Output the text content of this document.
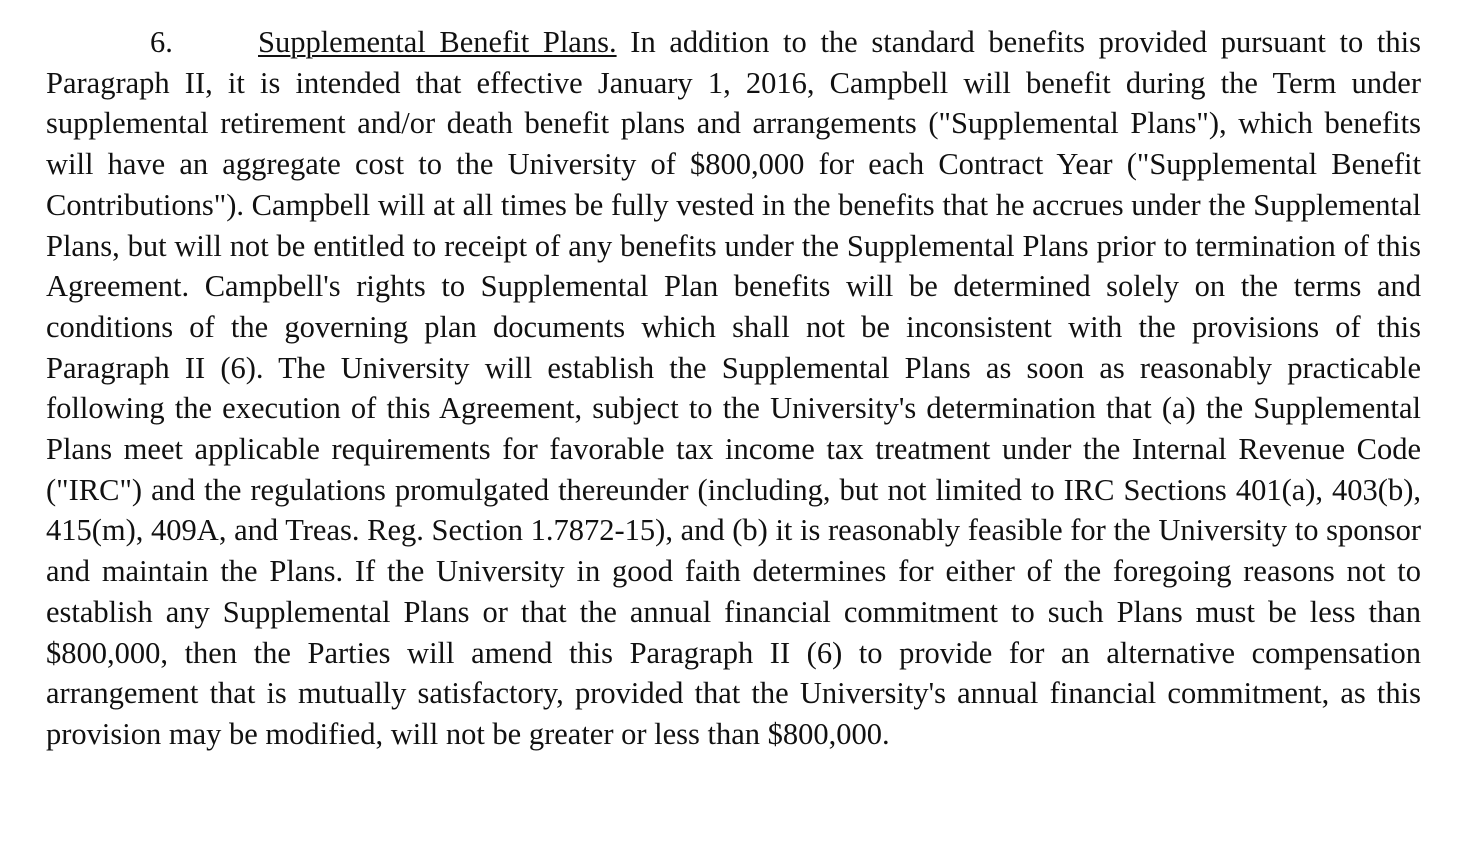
6.	Supplemental Benefit Plans. In addition to the standard benefits provided pursuant to this Paragraph II, it is intended that effective January 1, 2016, Campbell will benefit during the Term under supplemental retirement and/or death benefit plans and arrangements ("Supplemental Plans"), which benefits will have an aggregate cost to the University of $800,000 for each Contract Year ("Supplemental Benefit Contributions"). Campbell will at all times be fully vested in the benefits that he accrues under the Supplemental Plans, but will not be entitled to receipt of any benefits under the Supplemental Plans prior to termination of this Agreement. Campbell's rights to Supplemental Plan benefits will be determined solely on the terms and conditions of the governing plan documents which shall not be inconsistent with the provisions of this Paragraph II (6). The University will establish the Supplemental Plans as soon as reasonably practicable following the execution of this Agreement, subject to the University's determination that (a) the Supplemental Plans meet applicable requirements for favorable tax income tax treatment under the Internal Revenue Code ("IRC") and the regulations promulgated thereunder (including, but not limited to IRC Sections 401(a), 403(b), 415(m), 409A, and Treas. Reg. Section 1.7872-15), and (b) it is reasonably feasible for the University to sponsor and maintain the Plans. If the University in good faith determines for either of the foregoing reasons not to establish any Supplemental Plans or that the annual financial commitment to such Plans must be less than $800,000, then the Parties will amend this Paragraph II (6) to provide for an alternative compensation arrangement that is mutually satisfactory, provided that the University's annual financial commitment, as this provision may be modified, will not be greater or less than $800,000.
